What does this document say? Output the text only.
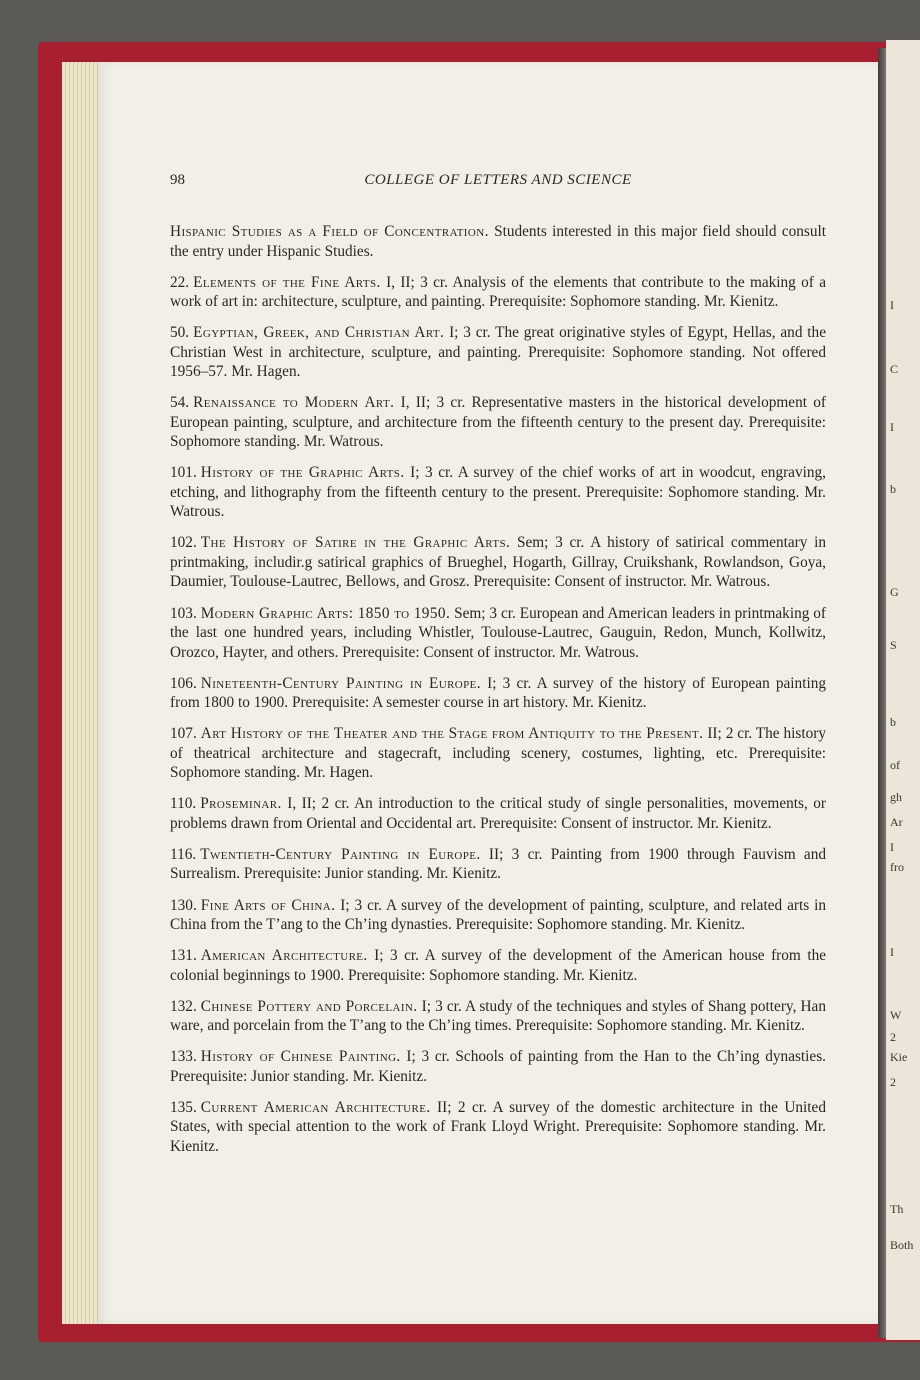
I
C
I
b
G
S
b
of
gh
Ar
I
fro
I
W
2
Kie
2
Th
Both
98	COLLEGE OF LETTERS AND SCIENCE

Hispanic Studies as a Field of Concentration. Students interested in this major field should consult the entry under Hispanic Studies.

22. Elements of the Fine Arts. I, II; 3 cr. Analysis of the elements that contribute to the making of a work of art in: architecture, sculpture, and painting. Prerequisite: Sophomore standing. Mr. Kienitz.

50. Egyptian, Greek, and Christian Art. I; 3 cr. The great originative styles of Egypt, Hellas, and the Christian West in architecture, sculpture, and painting. Prerequisite: Sophomore standing. Not offered 1956–57. Mr. Hagen.

54. Renaissance to Modern Art. I, II; 3 cr. Representative masters in the historical development of European painting, sculpture, and architecture from the fifteenth century to the present day. Prerequisite: Sophomore standing. Mr. Watrous.

101. History of the Graphic Arts. I; 3 cr. A survey of the chief works of art in woodcut, engraving, etching, and lithography from the fifteenth century to the present. Prerequisite: Sophomore standing. Mr. Watrous.

102. The History of Satire in the Graphic Arts. Sem; 3 cr. A history of satirical commentary in printmaking, includir.g satirical graphics of Brueghel, Hogarth, Gillray, Cruikshank, Rowlandson, Goya, Daumier, Toulouse-Lautrec, Bellows, and Grosz. Prerequisite: Consent of instructor. Mr. Watrous.

103. Modern Graphic Arts: 1850 to 1950. Sem; 3 cr. European and American leaders in printmaking of the last one hundred years, including Whistler, Toulouse-Lautrec, Gauguin, Redon, Munch, Kollwitz, Orozco, Hayter, and others. Prerequisite: Consent of instructor. Mr. Watrous.

106. Nineteenth-Century Painting in Europe. I; 3 cr. A survey of the history of European painting from 1800 to 1900. Prerequisite: A semester course in art history. Mr. Kienitz.

107. Art History of the Theater and the Stage from Antiquity to the Present. II; 2 cr. The history of theatrical architecture and stagecraft, including scenery, costumes, lighting, etc. Prerequisite: Sophomore standing. Mr. Hagen.

110. Proseminar. I, II; 2 cr. An introduction to the critical study of single personalities, movements, or problems drawn from Oriental and Occidental art. Prerequisite: Consent of instructor. Mr. Kienitz.

116. Twentieth-Century Painting in Europe. II; 3 cr. Painting from 1900 through Fauvism and Surrealism. Prerequisite: Junior standing. Mr. Kienitz.

130. Fine Arts of China. I; 3 cr. A survey of the development of painting, sculpture, and related arts in China from the T’ang to the Ch’ing dynasties. Prerequisite: Sophomore standing. Mr. Kienitz.

131. American Architecture. I; 3 cr. A survey of the development of the American house from the colonial beginnings to 1900. Prerequisite: Sophomore standing. Mr. Kienitz.

132. Chinese Pottery and Porcelain. I; 3 cr. A study of the techniques and styles of Shang pottery, Han ware, and porcelain from the T’ang to the Ch’ing times. Prerequisite: Sophomore standing. Mr. Kienitz.

133. History of Chinese Painting. I; 3 cr. Schools of painting from the Han to the Ch’ing dynasties. Prerequisite: Junior standing. Mr. Kienitz.

135. Current American Architecture. II; 2 cr. A survey of the domestic architecture in the United States, with special attention to the work of Frank Lloyd Wright. Prerequisite: Sophomore standing. Mr. Kienitz.
